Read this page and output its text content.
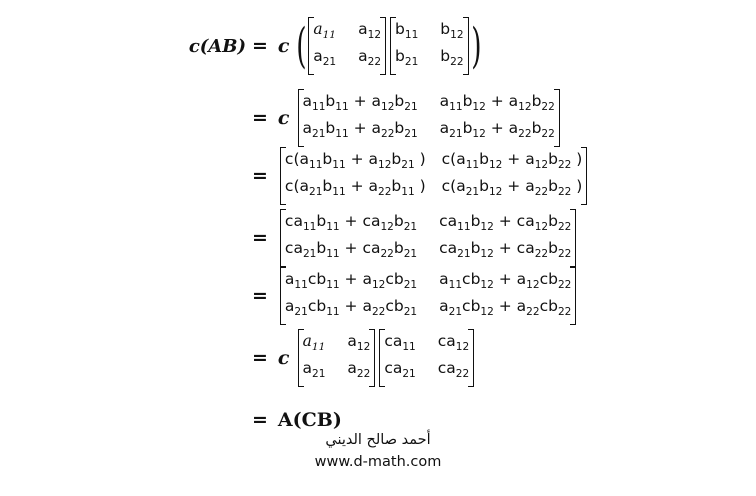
c(AB) = c ( $a_{11}$ $a_{12}$
$a_{21}$ $a_{22}$
$b_{11}$ $b_{12}$
$b_{21}$ $b_{22}$ )
= c
$a_{11}b_{11} + a_{12}b_{21}$ $a_{11}b_{12} + a_{12}b_{22}$
$a_{21}b_{11} + a_{22}b_{21}$ $a_{21}b_{12} + a_{22}b_{22}$
=
$c(a_{11}b_{11} + a_{12}b_{21}$ ) $c(a_{11}b_{12} + a_{12}b_{22}$ )
$c(a_{21}b_{11} + a_{22}b_{11}$ ) $c(a_{21}b_{12} + a_{22}b_{22}$ )
=
$ca_{11}b_{11} + ca_{12}b_{21}$ $ca_{11}b_{12} + ca_{12}b_{22}$
$ca_{21}b_{11} + ca_{22}b_{21}$ $ca_{21}b_{12} + ca_{22}b_{22}$
=
$a_{11}cb_{11} + a_{12}cb_{21}$ $a_{11}cb_{12} + a_{12}cb_{22}$
$a_{21}cb_{11} + a_{22}cb_{21}$ $a_{21}cb_{12} + a_{22}cb_{22}$
= c
$a_{11}$ $a_{12}$
$a_{21}$ $a_{22}$
$ca_{11}$ $ca_{12}$
$ca_{21}$ $ca_{22}$
= A(CB)
أحمد صالح الديني
www.d-math.com
